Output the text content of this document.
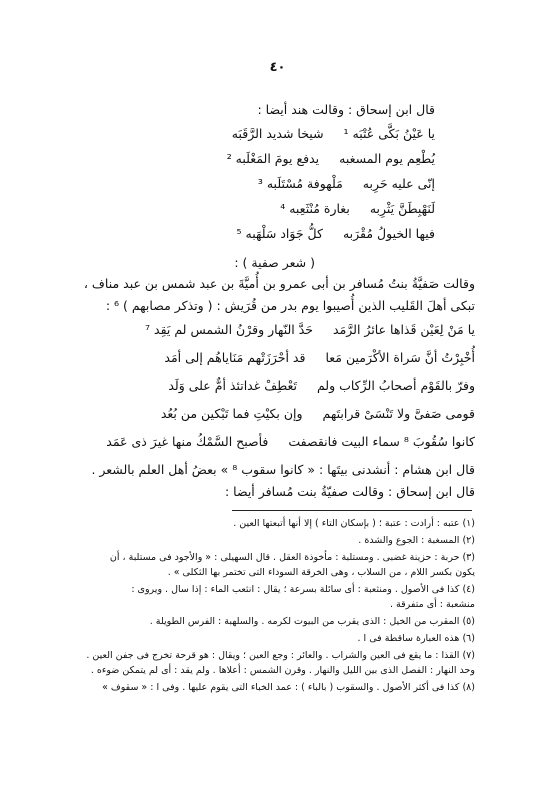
٤٠
قال ابن إسحاق : وقالت هند أيضا :
يا عَيْنُ بَكَّى عُتْبَه ¹
شيخا شديد الرَّقَبَه
يُطْعِم يوم المسغبه
يدفع يومَ المَغْلَبه ²
إنّى عليه حَرِبه
مَلْهوفة مُسْتَلَبه ³
لَنَهْبِطَنَّ يَثْرِبه
بغارة مُنْثَعِبه ⁴
فيها الخيولُ مُقْرَبه
كلُّ جَوَاد سَلْهَبه ⁵
( شعر صفية ) :
وقالت صَفيَّةُ بنتُ مُسافر بن أبى عمرو بن أُميَّةَ بن عبد شمس بن عبد مناف ،
تبكى أهلَ القَليب الذين أُصيبوا يوم بدر من قُرَيش : ( وتذكر مصابهم ) ⁶ :
يا مَنْ لِعَيْن قَذاها عائرُ الرَّمَد
حَدَّ النّهار وقرْنُ الشمس لم يَقِد ⁷
أُخْبِرْتُ أنَّ سَراة الأكْرَمين مَعا
قد أحْرَزَتْهم مَنَاياهُم إلى أمَد
وفرّ بالقَوْم أصحابُ الرِّكاب ولم
تَعْطِفْ غداتئذ أمٌّ على وَلَد
قومى صَفىَّ ولا تَنْسَىْ قرابتَهم
وإن بكيْتِ فما تَبْكين من بُعُد
كانوا سُقُوبَ ⁸ سماء البيت فانقصفت
فأصبح السَّمْكُ منها غيرَ ذى عَمَد
قال ابن هشام : أنشدنى بيتَها : « كانوا سقوب ⁸ » بعضُ أهل العلم بالشعر .
قال ابن إسحاق : وقالت صفيّةُ بنت مُسافر أيضا :
(١) عتبه : أرادت : عتبة ؛ ( بإسكان التاء ) إلا أنها أتبعتها العين .
(٢) المسغبة : الجوع والشدة .
(٣) حربة : حزينة غضبى . ومستلبة : مأخوذة العقل . قال السهيلى : « والأجود فى مستلبة ، أن
يكون بكسر اللام ، من السلاب ، وهى الخرقة السوداء التى تختمر بها الثكلى » .
(٤) كذا فى الأصول . ومنثعبة : أى سائلة بسرعة ؛ يقال : انثعب الماء : إذا سال . ويروى :
منشعبة : أى متفرقة .
(٥) المقرب من الخيل : الذى يقرب من البيوت لكرمه . والسلهبة : الفرس الطويلة .
(٦) هذه العبارة ساقطة فى ا .
(٧) القذا : ما يقع فى العين والشراب . والعائر : وجع العين ؛ ويقال : هو قرحة تخرج فى جفن العين .
وحد النهار : الفصل الذى بين الليل والنهار . وقرن الشمس : أعلاها . ولم يقد : أى لم يتمكن ضوءه .
(٨) كذا فى أكثر الأصول . والسقوب ( بالباء ) : عمد الخباء التى يقوم عليها . وفى ا : « سقوف »
